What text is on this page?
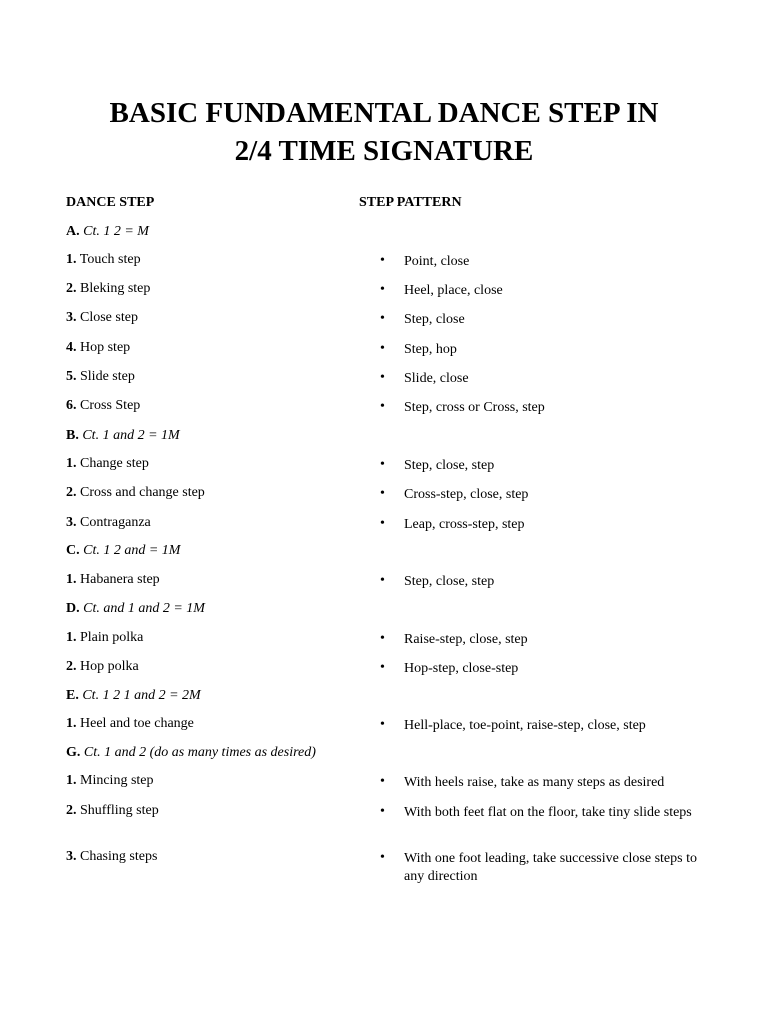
BASIC FUNDAMENTAL DANCE STEP IN
2/4 TIME SIGNATURE
DANCE STEP	STEP PATTERN
A. Ct. 1 2 = M
1. Touch step	• Point, close
2. Bleking step	• Heel, place, close
3. Close step	• Step, close
4. Hop step	• Step, hop
5. Slide step	• Slide, close
6. Cross Step	• Step, cross or Cross, step
B. Ct. 1 and 2 = 1M
1. Change step	• Step, close, step
2. Cross and change step	• Cross-step, close, step
3. Contraganza	• Leap, cross-step, step
C. Ct. 1 2 and = 1M
1. Habanera step	• Step, close, step
D. Ct. and 1 and 2 = 1M
1. Plain polka	• Raise-step, close, step
2. Hop polka	• Hop-step, close-step
E. Ct. 1 2 1 and 2 = 2M
1. Heel and toe change	• Hell-place, toe-point, raise-step, close, step
G. Ct. 1 and 2 (do as many times as desired)
1. Mincing step	• With heels raise, take as many steps as desired
2. Shuffling step	• With both feet flat on the floor, take tiny slide steps
3. Chasing steps	• With one foot leading, take successive close steps to any direction
